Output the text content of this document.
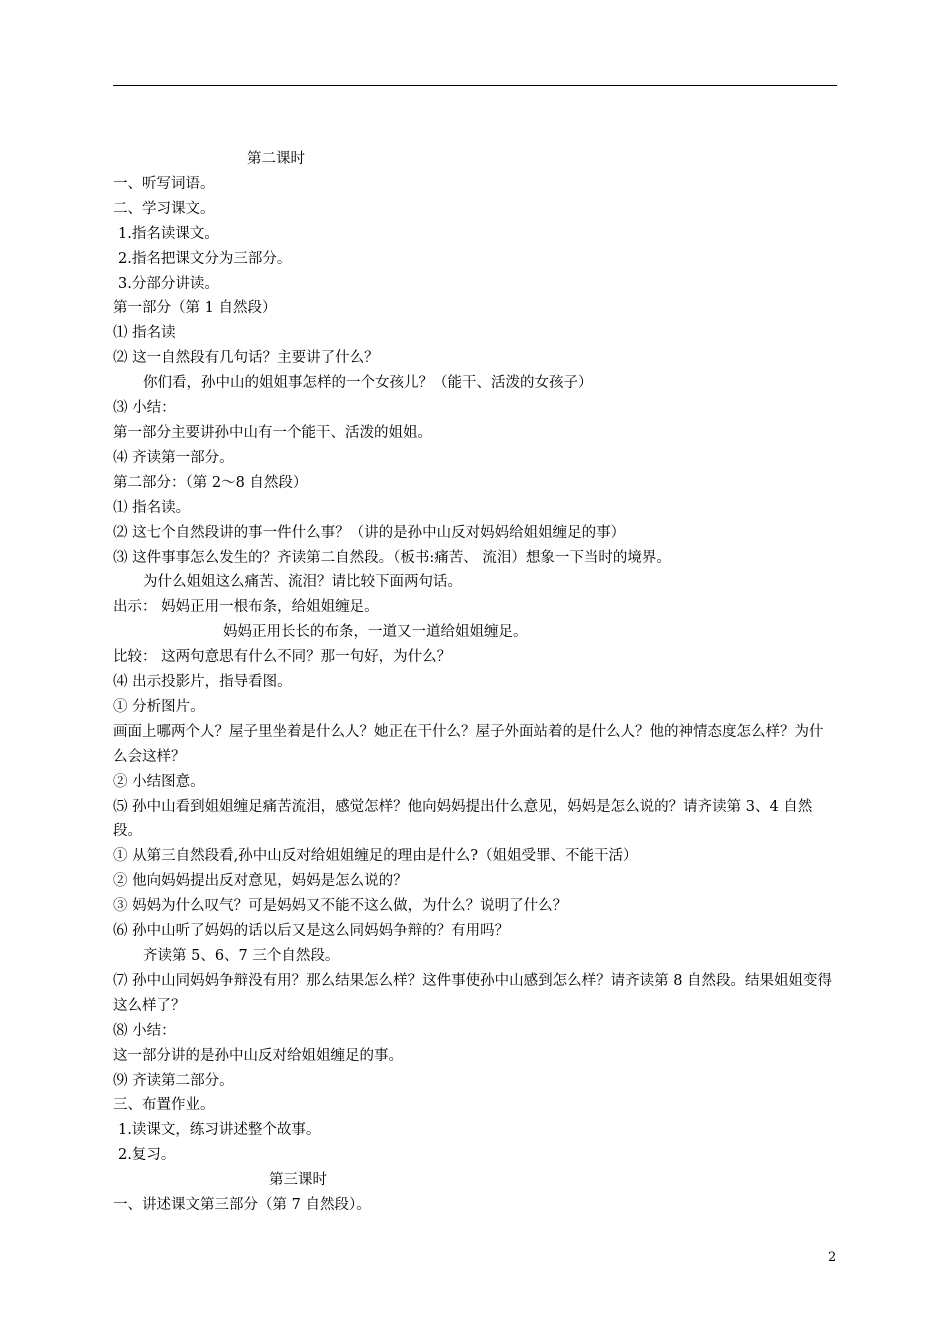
第二课时

一、听写词语。

二、学习课文。

1.指名读课文。

2.指名把课文分为三部分。

3.分部分讲读。

第一部分（第 1 自然段）

⑴ 指名读

⑵ 这一自然段有几句话？主要讲了什么？

你们看，孙中山的姐姐事怎样的一个女孩儿？（能干、活泼的女孩子）

⑶ 小结：

第一部分主要讲孙中山有一个能干、活泼的姐姐。

⑷ 齐读第一部分。

第二部分：（第 2～8 自然段）

⑴ 指名读。

⑵ 这七个自然段讲的事一件什么事？（讲的是孙中山反对妈妈给姐姐缠足的事）

⑶ 这件事事怎么发生的？齐读第二自然段。（板书:痛苦、 流泪）想象一下当时的境界。

为什么姐姐这么痛苦、流泪？请比较下面两句话。

出示： 妈妈正用一根布条，给姐姐缠足。

妈妈正用长长的布条，一道又一道给姐姐缠足。

比较： 这两句意思有什么不同？那一句好，为什么？

⑷ 出示投影片，指导看图。

① 分析图片。

画面上哪两个人？屋子里坐着是什么人？她正在干什么？屋子外面站着的是什么人？他的神情态度怎么样？为什么会这样？

② 小结图意。

⑸ 孙中山看到姐姐缠足痛苦流泪，感觉怎样？他向妈妈提出什么意见，妈妈是怎么说的？请齐读第 3、4 自然段。

① 从第三自然段看,孙中山反对给姐姐缠足的理由是什么?（姐姐受罪、不能干活）

② 他向妈妈提出反对意见，妈妈是怎么说的？

③ 妈妈为什么叹气？可是妈妈又不能不这么做，为什么？说明了什么？

⑹ 孙中山听了妈妈的话以后又是这么同妈妈争辩的？有用吗？

齐读第 5、6、7 三个自然段。

⑺ 孙中山同妈妈争辩没有用？那么结果怎么样？这件事使孙中山感到怎么样？请齐读第 8 自然段。结果姐姐变得这么样了？

⑻ 小结：

这一部分讲的是孙中山反对给姐姐缠足的事。

⑼ 齐读第二部分。

三、布置作业。

1.读课文，练习讲述整个故事。

2.复习。

第三课时

一、讲述课文第三部分（第 7 自然段）。

2
